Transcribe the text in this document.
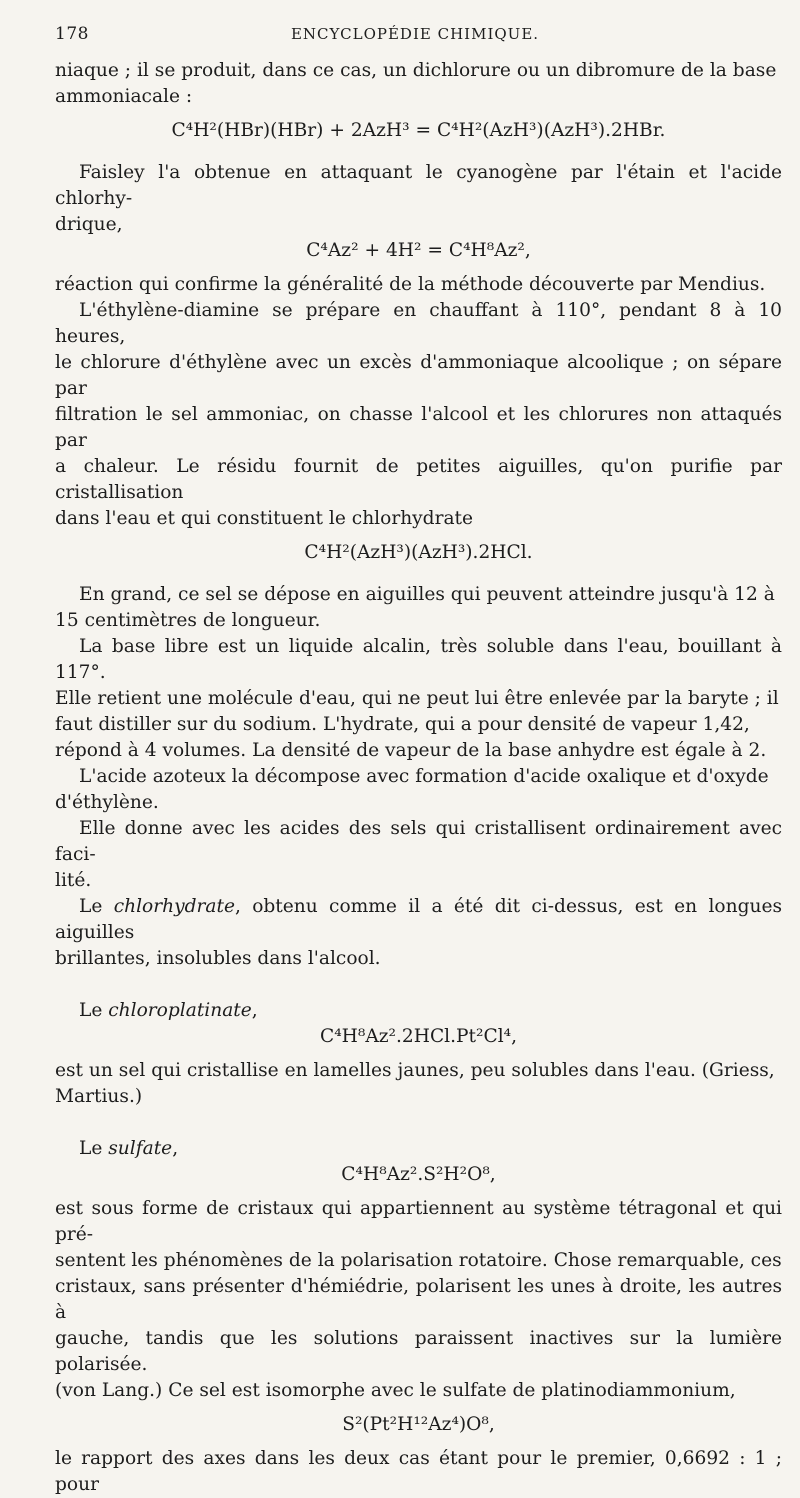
178	ENCYCLOPÉDIE CHIMIQUE.

niaque ; il se produit, dans ce cas, un dichlorure ou un dibromure de la base

ammoniacale :

C⁴H²(HBr)(HBr) + 2AzH³ = C⁴H²(AzH³)(AzH³).2HBr.

Faisley l'a obtenue en attaquant le cyanogène par l'étain et l'acide chlorhy-

drique,

C⁴Az² + 4H² = C⁴H⁸Az²,

réaction qui confirme la généralité de la méthode découverte par Mendius.

L'éthylène-diamine se prépare en chauffant à 110°, pendant 8 à 10 heures,

le chlorure d'éthylène avec un excès d'ammoniaque alcoolique ; on sépare par

filtration le sel ammoniac, on chasse l'alcool et les chlorures non attaqués par

a chaleur. Le résidu fournit de petites aiguilles, qu'on purifie par cristallisation

dans l'eau et qui constituent le chlorhydrate

C⁴H²(AzH³)(AzH³).2HCl.

En grand, ce sel se dépose en aiguilles qui peuvent atteindre jusqu'à 12 à

15 centimètres de longueur.

La base libre est un liquide alcalin, très soluble dans l'eau, bouillant à 117°.

Elle retient une molécule d'eau, qui ne peut lui être enlevée par la baryte ; il

faut distiller sur du sodium. L'hydrate, qui a pour densité de vapeur 1,42,

répond à 4 volumes. La densité de vapeur de la base anhydre est égale à 2.

L'acide azoteux la décompose avec formation d'acide oxalique et d'oxyde

d'éthylène.

Elle donne avec les acides des sels qui cristallisent ordinairement avec faci-

lité.

Le chlorhydrate, obtenu comme il a été dit ci-dessus, est en longues aiguilles

brillantes, insolubles dans l'alcool.

Le chloroplatinate,

C⁴H⁸Az².2HCl.Pt²Cl⁴,

est un sel qui cristallise en lamelles jaunes, peu solubles dans l'eau. (Griess,

Martius.)

Le sulfate,

C⁴H⁸Az².S²H²O⁸,

est sous forme de cristaux qui appartiennent au système tétragonal et qui pré-

sentent les phénomènes de la polarisation rotatoire. Chose remarquable, ces

cristaux, sans présenter d'hémiédrie, polarisent les unes à droite, les autres à

gauche, tandis que les solutions paraissent inactives sur la lumière polarisée.

(von Lang.) Ce sel est isomorphe avec le sulfate de platinodiammonium,

S²(Pt²H¹²Az⁴)O⁸,

le rapport des axes dans les deux cas étant pour le premier, 0,6692 : 1 ; pour
